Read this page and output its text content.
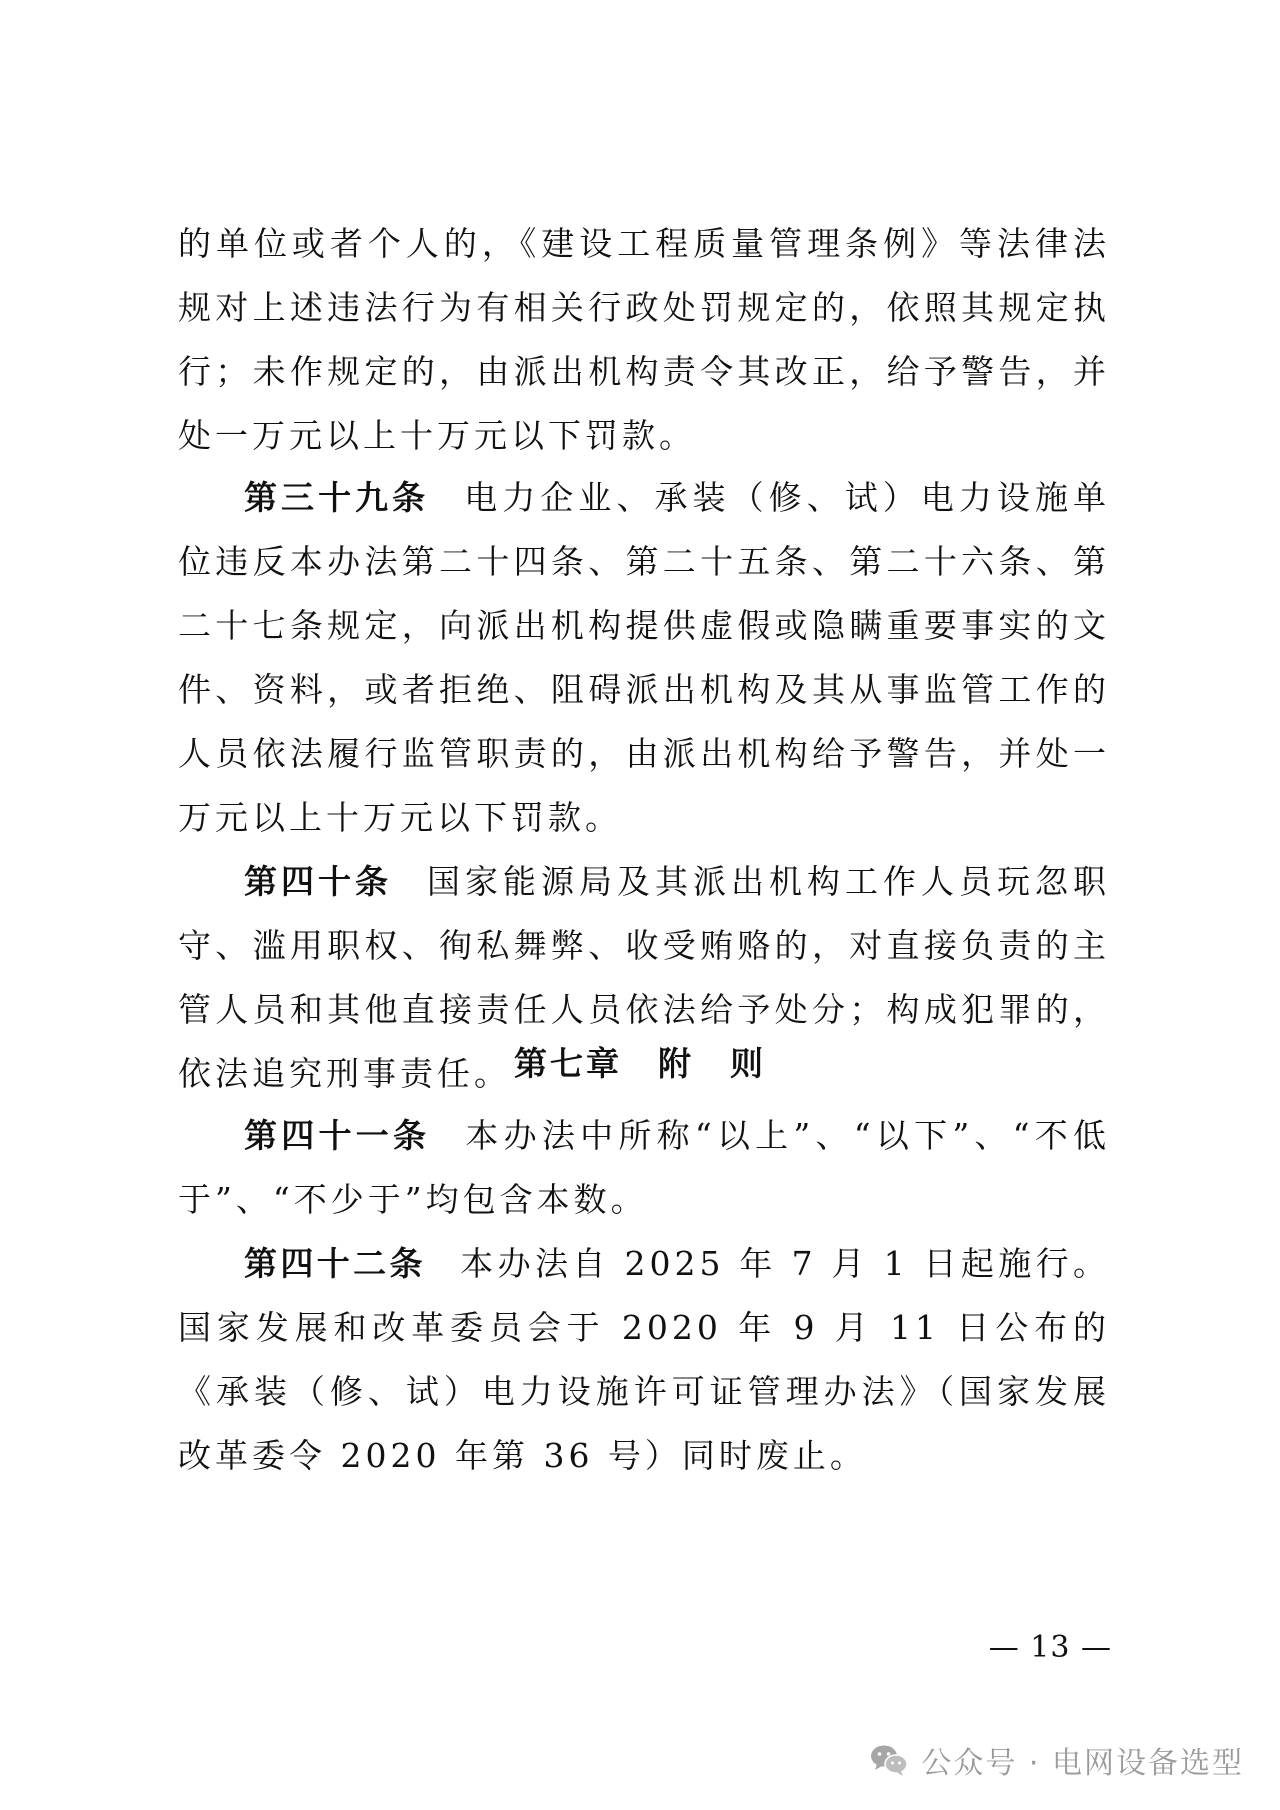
的单位或者个人的，《建设工程质量管理条例》等法律法规对上述违法行为有相关行政处罚规定的，依照其规定执行；未作规定的，由派出机构责令其改正，给予警告，并处一万元以上十万元以下罚款。

第三十九条 电力企业、承装（修、试）电力设施单位违反本办法第二十四条、第二十五条、第二十六条、第二十七条规定，向派出机构提供虚假或隐瞒重要事实的文件、资料，或者拒绝、阻碍派出机构及其从事监管工作的人员依法履行监管职责的，由派出机构给予警告，并处一万元以上十万元以下罚款。

第四十条 国家能源局及其派出机构工作人员玩忽职守、滥用职权、徇私舞弊、收受贿赂的，对直接负责的主管人员和其他直接责任人员依法给予处分；构成犯罪的，依法追究刑事责任。 第七章　附　则

第四十一条 本办法中所称“以上”、“以下”、“不低于”、“不少于”均包含本数。

第四十二条 本办法自 2025 年 7 月 1 日起施行。国家发展和改革委员会于 2020 年 9 月 11 日公布的《承装（修、试）电力设施许可证管理办法》（国家发展改革委令 2020 年第 36 号）同时废止。

— 13 —
公众号 · 电网设备选型
